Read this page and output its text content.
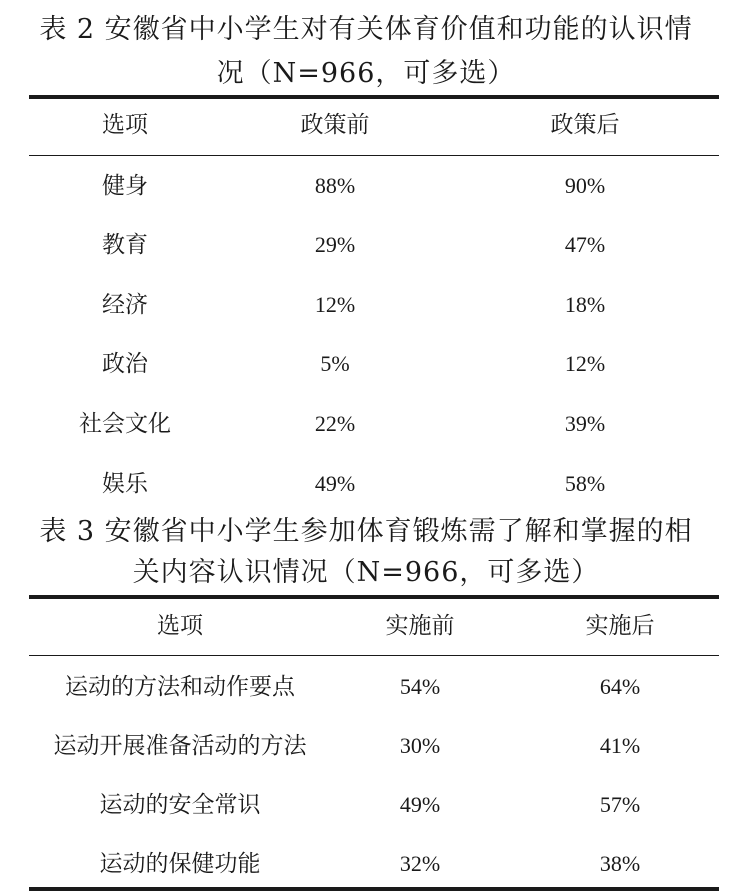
表 2 安徽省中小学生对有关体育价值和功能的认识情
况（N=966，可多选）
选项	政策前	政策后
健身	88%	90%
教育	29%	47%
经济	12%	18%
政治	5%	12%
社会文化	22%	39%
娱乐	49%	58%
表 3 安徽省中小学生参加体育锻炼需了解和掌握的相
关内容认识情况（N=966，可多选）
选项	实施前	实施后
运动的方法和动作要点	54%	64%
运动开展准备活动的方法	30%	41%
运动的安全常识	49%	57%
运动的保健功能	32%	38%
